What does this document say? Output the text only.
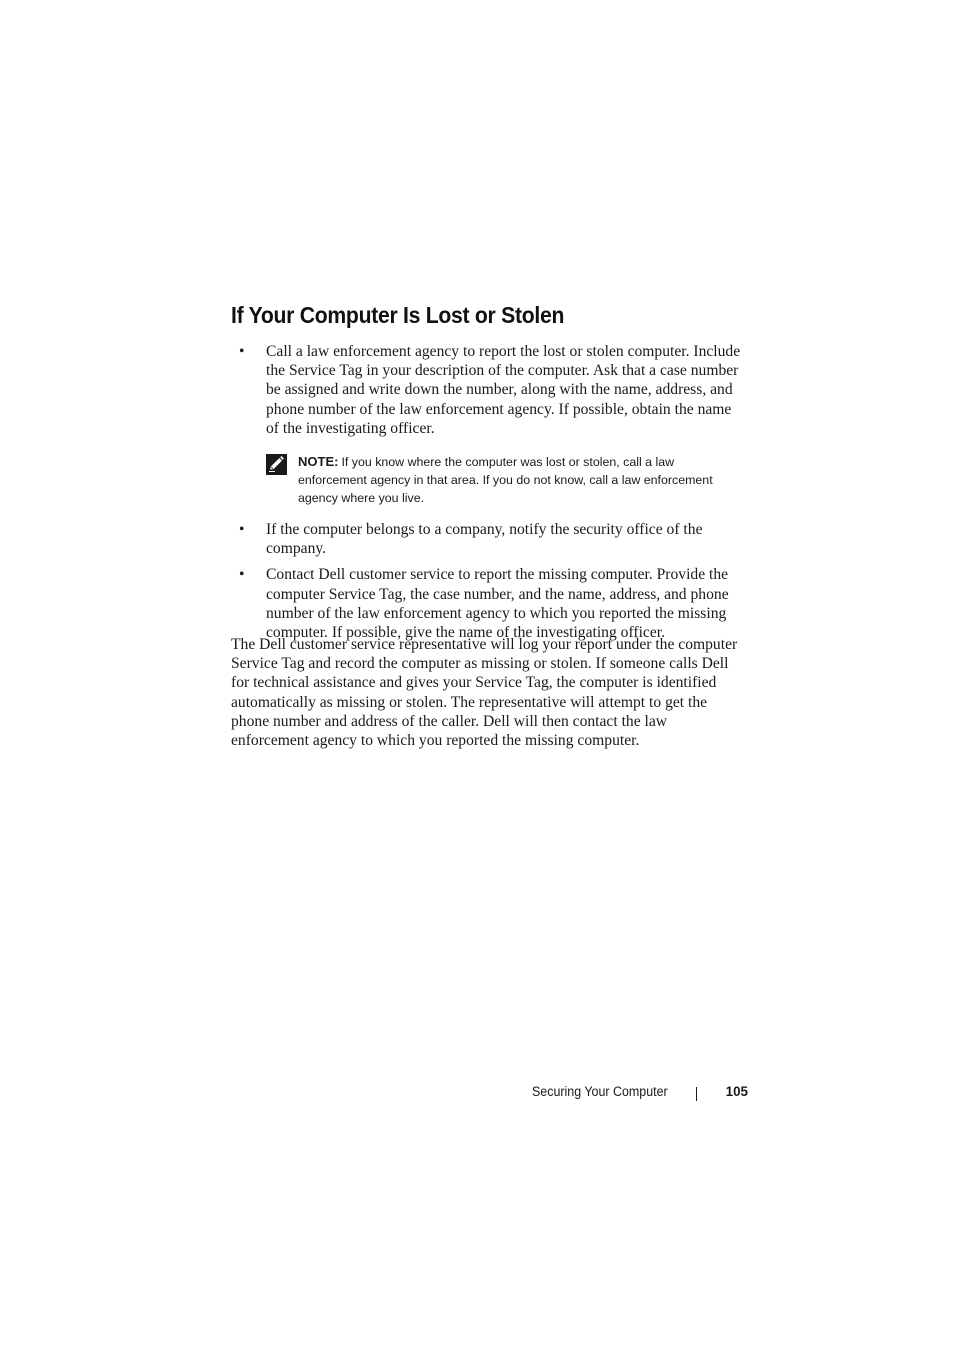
If Your Computer Is Lost or Stolen
• Call a law enforcement agency to report the lost or stolen computer. Include the Service Tag in your description of the computer. Ask that a case number be assigned and write down the number, along with the name, address, and phone number of the law enforcement agency. If possible, obtain the name of the investigating officer.
NOTE: If you know where the computer was lost or stolen, call a law enforcement agency in that area. If you do not know, call a law enforcement agency where you live.
• If the computer belongs to a company, notify the security office of the company.
• Contact Dell customer service to report the missing computer. Provide the computer Service Tag, the case number, and the name, address, and phone number of the law enforcement agency to which you reported the missing computer. If possible, give the name of the investigating officer.

The Dell customer service representative will log your report under the computer Service Tag and record the computer as missing or stolen. If someone calls Dell for technical assistance and gives your Service Tag, the computer is identified automatically as missing or stolen. The representative will attempt to get the phone number and address of the caller. Dell will then contact the law enforcement agency to which you reported the missing computer.

Securing Your Computer	105
